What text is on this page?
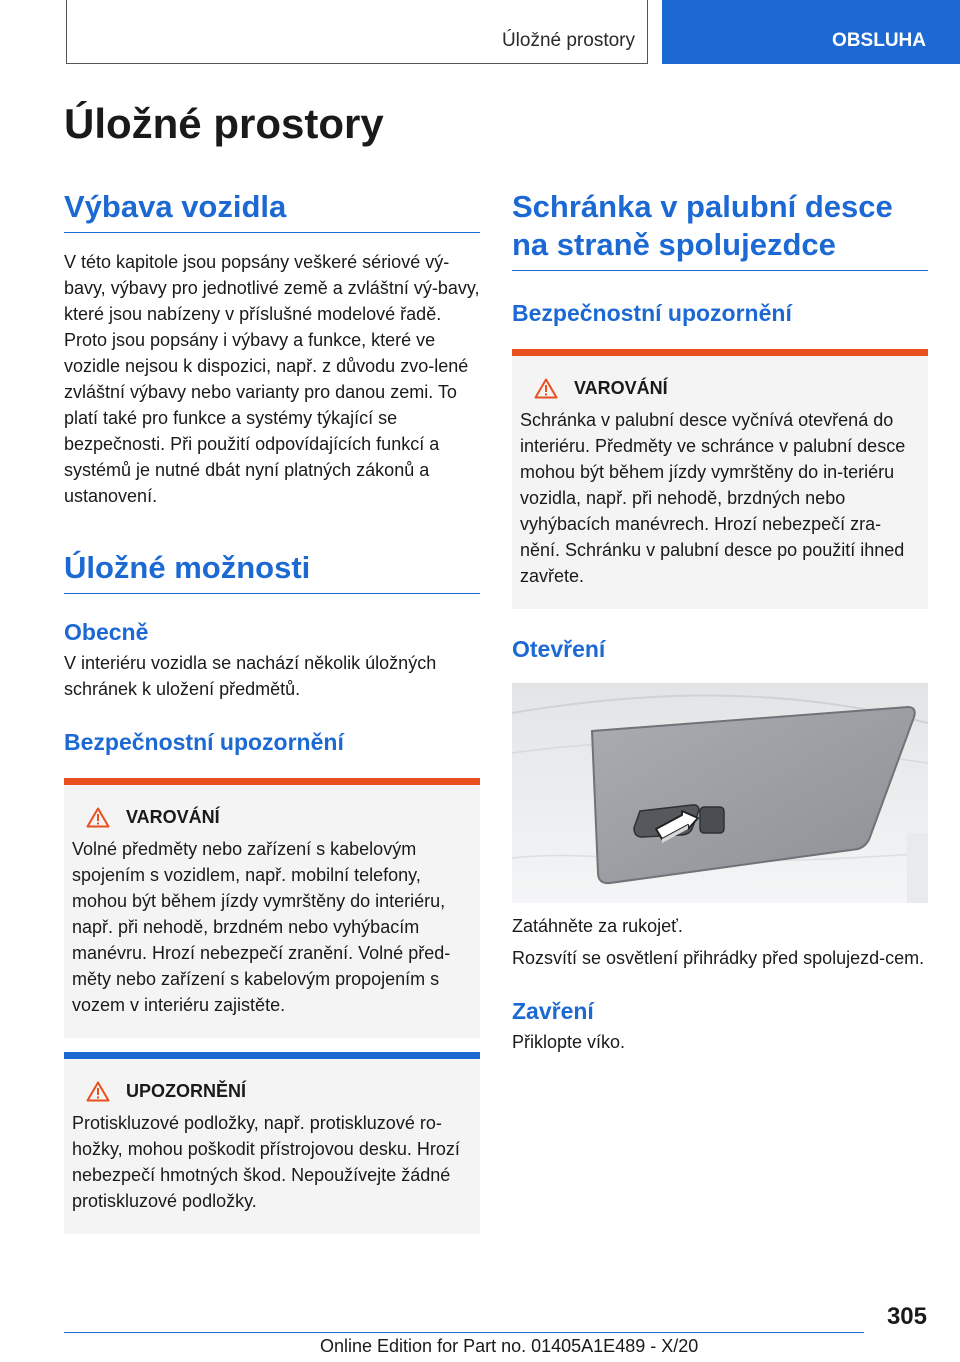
Úložné prostory	OBSLUHA
Úložné prostory
Výbava vozidla

V této kapitole jsou popsány veškeré sériové vý-bavy, výbavy pro jednotlivé země a zvláštní vý-bavy, které jsou nabízeny v příslušné modelové řadě. Proto jsou popsány i výbavy a funkce, které ve vozidle nejsou k dispozici, např. z důvodu zvo-lené zvláštní výbavy nebo varianty pro danou zemi. To platí také pro funkce a systémy týkající se bezpečnosti. Při použití odpovídajících funkcí a systémů je nutné dbát nyní platných zákonů a ustanovení.

Úložné možnosti
Obecně

V interiéru vozidla se nachází několik úložných schránek k uložení předmětů.

Bezpečnostní upozornění
VAROVÁNÍ

Volné předměty nebo zařízení s kabelovým spojením s vozidlem, např. mobilní telefony, mohou být během jízdy vymrštěny do interiéru, např. při nehodě, brzdném nebo vyhýbacím manévru. Hrozí nebezpečí zranění. Volné před-měty nebo zařízení s kabelovým propojením s vozem v interiéru zajistěte.

UPOZORNĚNÍ

Protiskluzové podložky, např. protiskluzové ro-hožky, mohou poškodit přístrojovou desku. Hrozí nebezpečí hmotných škod. Nepoužívejte žádné protiskluzové podložky.

Schránka v palubní desce na straně spolujezdce
Bezpečnostní upozornění
VAROVÁNÍ

Schránka v palubní desce vyčnívá otevřená do interiéru. Předměty ve schránce v palubní desce mohou být během jízdy vymrštěny do in-teriéru vozidla, např. při nehodě, brzdných nebo vyhýbacích manévrech. Hrozí nebezpečí zra-nění. Schránku v palubní desce po použití ihned zavřete.

Otevření

Zatáhněte za rukojeť.

Rozsvítí se osvětlení přihrádky před spolujezd-cem.

Zavření

Přiklopte víko.

305
Online Edition for Part no. 01405A1E489 - X/20
